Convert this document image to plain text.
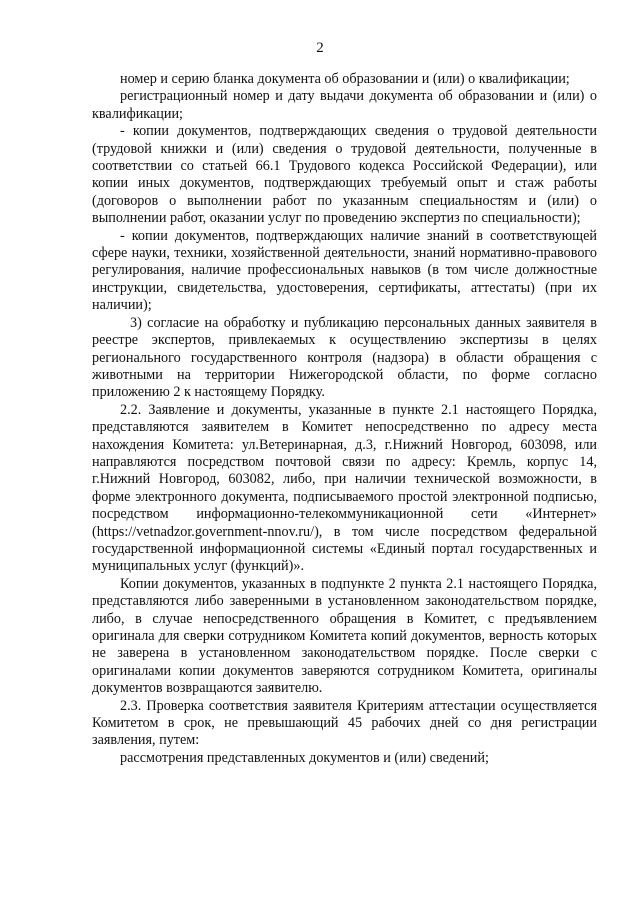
2

номер и серию бланка документа об образовании и (или) о квалификации;

регистрационный номер и дату выдачи документа об образовании и (или) о квалификации;

- копии документов, подтверждающих сведения о трудовой деятельности (трудовой книжки и (или) сведения о трудовой деятельности, полученные в соответствии со статьей 66.1 Трудового кодекса Российской Федерации), или копии иных документов, подтверждающих требуемый опыт и стаж работы (договоров о выполнении работ по указанным специальностям и (или) о выполнении работ, оказании услуг по проведению экспертиз по специальности);

- копии документов, подтверждающих наличие знаний в соответствующей сфере науки, техники, хозяйственной деятельности, знаний нормативно-правового регулирования, наличие профессиональных навыков (в том числе должностные инструкции, свидетельства, удостоверения, сертификаты, аттестаты) (при их наличии);

3) согласие на обработку и публикацию персональных данных заявителя в реестре экспертов, привлекаемых к осуществлению экспертизы в целях регионального государственного контроля (надзора) в области обращения с животными на территории Нижегородской области, по форме согласно приложению 2 к настоящему Порядку.

2.2. Заявление и документы, указанные в пункте 2.1 настоящего Порядка, представляются заявителем в Комитет непосредственно по адресу места нахождения Комитета: ул.Ветеринарная, д.3, г.Нижний Новгород, 603098, или направляются посредством почтовой связи по адресу: Кремль, корпус 14, г.Нижний Новгород, 603082, либо, при наличии технической возможности, в форме электронного документа, подписываемого простой электронной подписью, посредством информационно-телекоммуникационной сети «Интернет» (https://vetnadzor.government-nnov.ru/), в том числе посредством федеральной государственной информационной системы «Единый портал государственных и муниципальных услуг (функций)».

Копии документов, указанных в подпункте 2 пункта 2.1 настоящего Порядка, представляются либо заверенными в установленном законодательством порядке, либо, в случае непосредственного обращения в Комитет, с предъявлением оригинала для сверки сотрудником Комитета копий документов, верность которых не заверена в установленном законодательством порядке. После сверки с оригиналами копии документов заверяются сотрудником Комитета, оригиналы документов возвращаются заявителю.

2.3. Проверка соответствия заявителя Критериям аттестации осуществляется Комитетом в срок, не превышающий 45 рабочих дней со дня регистрации заявления, путем:

рассмотрения представленных документов и (или) сведений;
